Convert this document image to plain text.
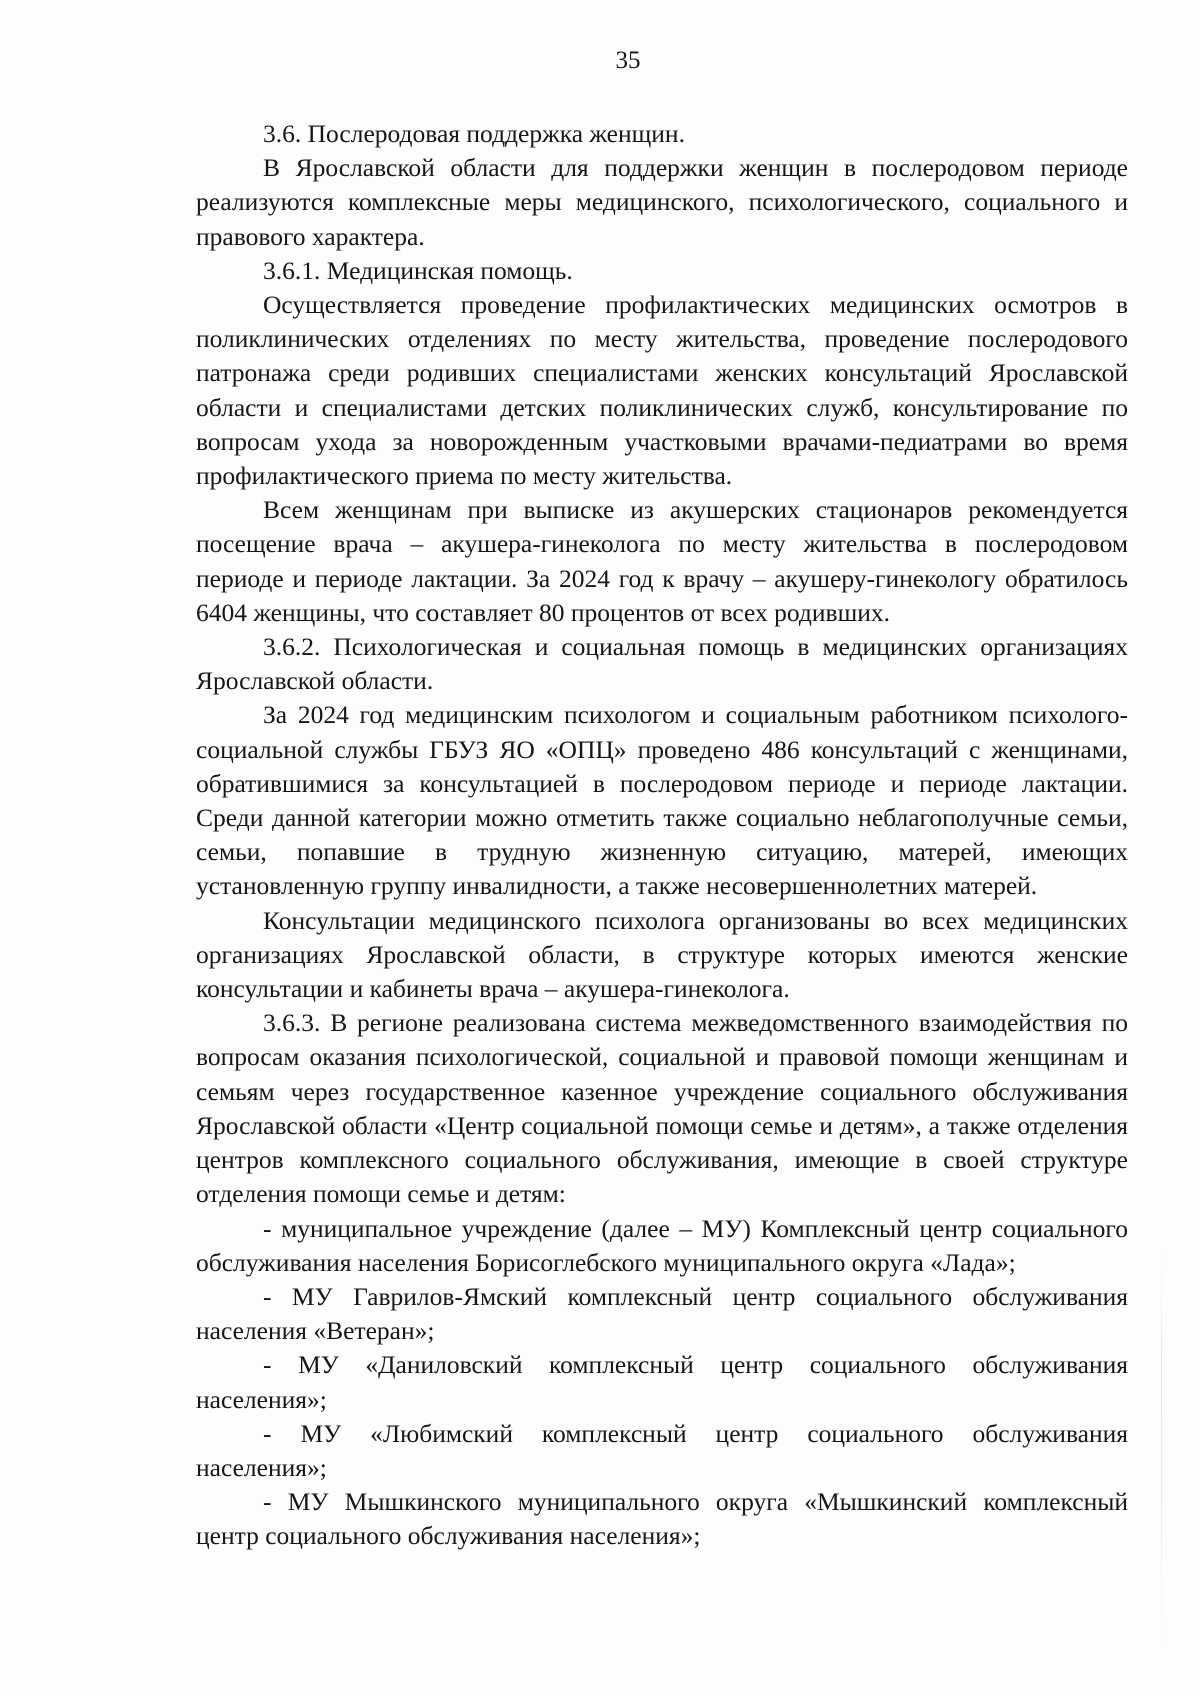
35

3.6. Послеродовая поддержка женщин.

В Ярославской области для поддержки женщин в послеродовом периоде реализуются комплексные меры медицинского, психологического, социального и правового характера.

3.6.1. Медицинская помощь.

Осуществляется проведение профилактических медицинских осмотров в поликлинических отделениях по месту жительства, проведение послеродового патронажа среди родивших специалистами женских консультаций Ярославской области и специалистами детских поликлинических служб, консультирование по вопросам ухода за новорожденным участковыми врачами-педиатрами во время профилактического приема по месту жительства.

Всем женщинам при выписке из акушерских стационаров рекомендуется посещение врача – акушера-гинеколога по месту жительства в послеродовом периоде и периоде лактации. За 2024 год к врачу – акушеру-гинекологу обратилось 6404 женщины, что составляет 80 процентов от всех родивших.

3.6.2. Психологическая и социальная помощь в медицинских организациях Ярославской области.

За 2024 год медицинским психологом и социальным работником психолого-социальной службы ГБУЗ ЯО «ОПЦ» проведено 486 консультаций с женщинами, обратившимися за консультацией в послеродовом периоде и периоде лактации. Среди данной категории можно отметить также социально неблагополучные семьи, семьи, попавшие в трудную жизненную ситуацию, матерей, имеющих установленную группу инвалидности, а также несовершеннолетних матерей.

Консультации медицинского психолога организованы во всех медицинских организациях Ярославской области, в структуре которых имеются женские консультации и кабинеты врача – акушера-гинеколога.

3.6.3. В регионе реализована система межведомственного взаимодействия по вопросам оказания психологической, социальной и правовой помощи женщинам и семьям через государственное казенное учреждение социального обслуживания Ярославской области «Центр социальной помощи семье и детям», а также отделения центров комплексного социального обслуживания, имеющие в своей структуре отделения помощи семье и детям:

- муниципальное учреждение (далее – МУ) Комплексный центр социального обслуживания населения Борисоглебского муниципального округа «Лада»;

- МУ Гаврилов-Ямский комплексный центр социального обслуживания населения «Ветеран»;

- МУ «Даниловский комплексный центр социального обслуживания населения»;

- МУ «Любимский комплексный центр социального обслуживания населения»;

- МУ Мышкинского муниципального округа «Мышкинский комплексный центр социального обслуживания населения»;
